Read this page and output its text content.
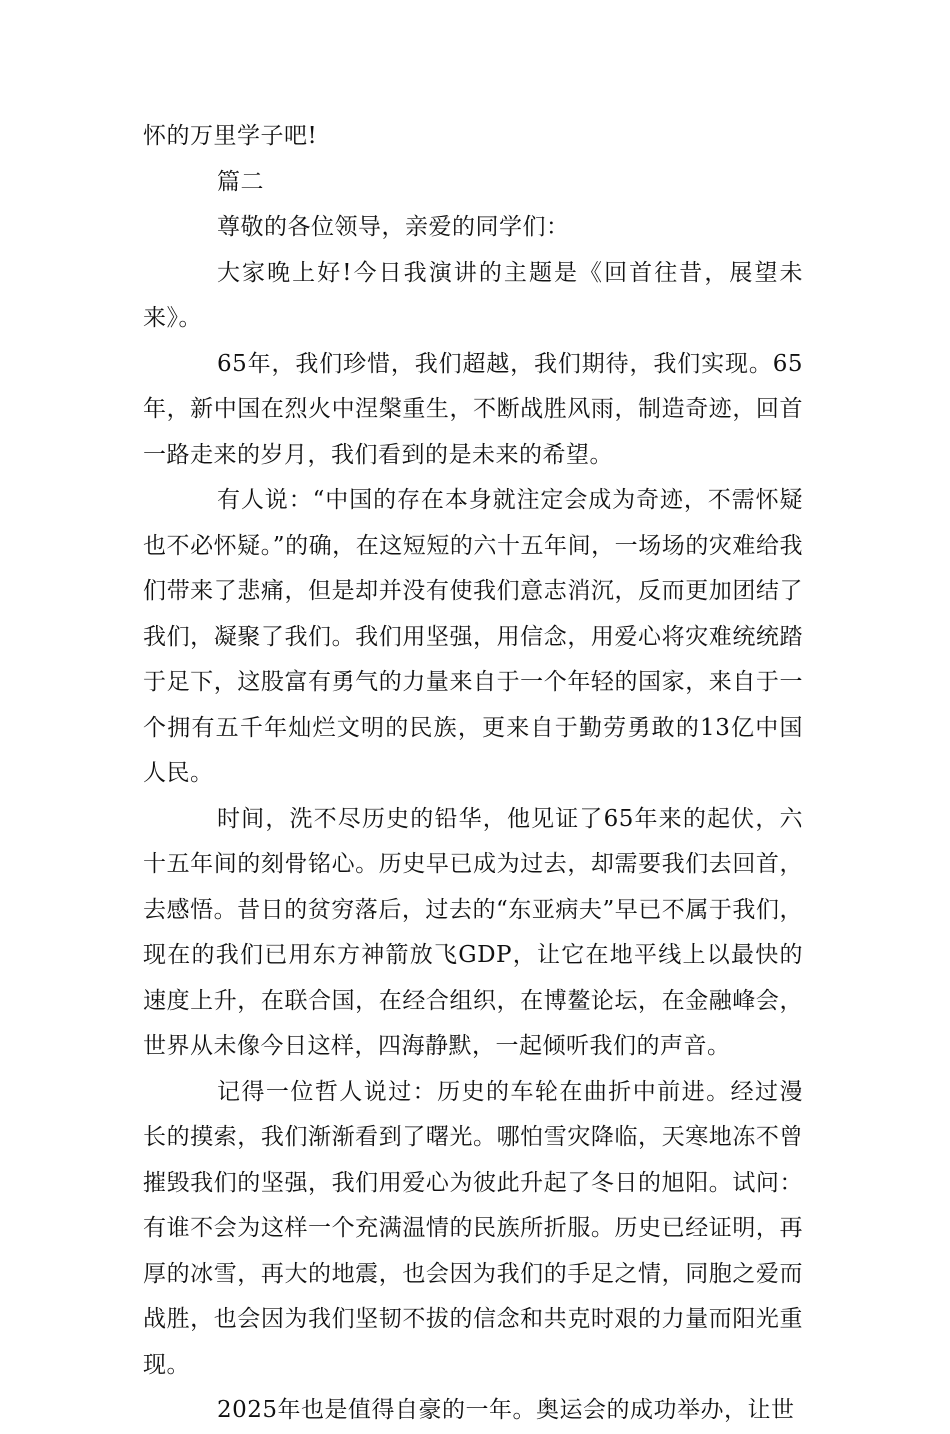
怀的万里学子吧!

篇二

尊敬的各位领导，亲爱的同学们：

大家晚上好!今日我演讲的主题是《回首往昔，展望未来》。

65年，我们珍惜，我们超越，我们期待，我们实现。65年，新中国在烈火中涅槃重生，不断战胜风雨，制造奇迹，回首一路走来的岁月，我们看到的是未来的希望。

有人说：“中国的存在本身就注定会成为奇迹，不需怀疑也不必怀疑。”的确，在这短短的六十五年间，一场场的灾难给我们带来了悲痛，但是却并没有使我们意志消沉，反而更加团结了我们，凝聚了我们。我们用坚强，用信念，用爱心将灾难统统踏于足下，这股富有勇气的力量来自于一个年轻的国家，来自于一个拥有五千年灿烂文明的民族，更来自于勤劳勇敢的13亿中国人民。

时间，洗不尽历史的铅华，他见证了65年来的起伏，六十五年间的刻骨铭心。历史早已成为过去，却需要我们去回首，去感悟。昔日的贫穷落后，过去的“东亚病夫”早已不属于我们，现在的我们已用东方神箭放飞GDP，让它在地平线上以最快的速度上升，在联合国，在经合组织，在博鳌论坛，在金融峰会，世界从未像今日这样，四海静默，一起倾听我们的声音。

记得一位哲人说过：历史的车轮在曲折中前进。经过漫长的摸索，我们渐渐看到了曙光。哪怕雪灾降临，天寒地冻不曾摧毁我们的坚强，我们用爱心为彼此升起了冬日的旭阳。试问：有谁不会为这样一个充满温情的民族所折服。历史已经证明，再厚的冰雪，再大的地震，也会因为我们的手足之情，同胞之爱而战胜，也会因为我们坚韧不拔的信念和共克时艰的力量而阳光重现。

2025年也是值得自豪的一年。奥运会的成功举办，让世
